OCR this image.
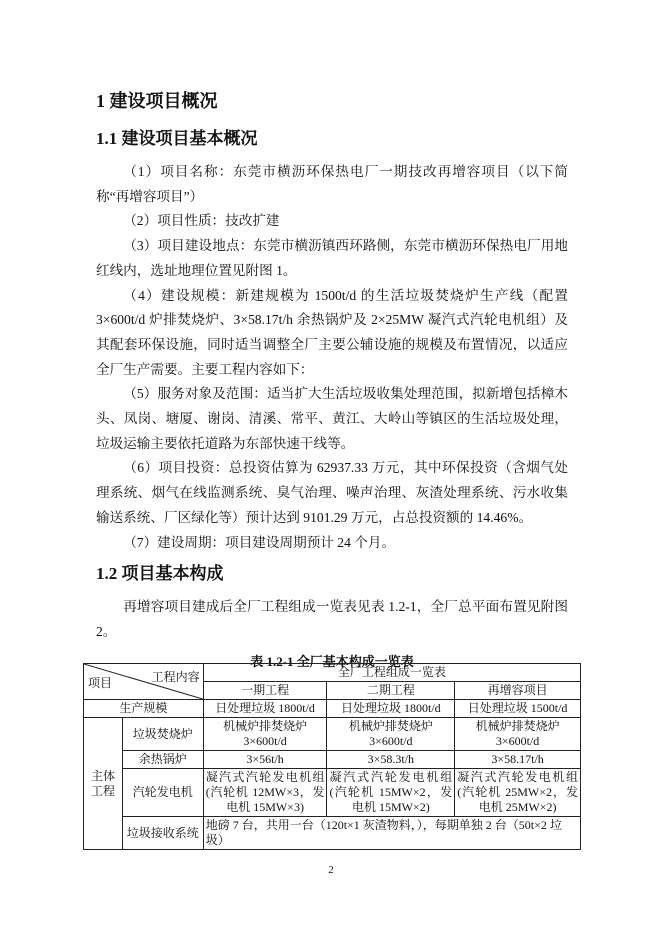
1 建设项目概况
1.1 建设项目基本概况

（1）项目名称：东莞市横沥环保热电厂一期技改再增容项目（以下简称“再增容项目”）

（2）项目性质：技改扩建

（3）项目建设地点：东莞市横沥镇西环路侧，东莞市横沥环保热电厂用地红线内，选址地理位置见附图 1。

（4）建设规模：新建规模为 1500t/d 的生活垃圾焚烧炉生产线（配置 3×600t/d 炉排焚烧炉、3×58.17t/h 余热锅炉及 2×25MW 凝汽式汽轮电机组）及其配套环保设施，同时适当调整全厂主要公辅设施的规模及布置情况，以适应全厂生产需要。主要工程内容如下：

（5）服务对象及范围：适当扩大生活垃圾收集处理范围，拟新增包括樟木头、凤岗、塘厦、谢岗、清溪、常平、黄江、大岭山等镇区的生活垃圾处理，垃圾运输主要依托道路为东部快速干线等。

（6）项目投资：总投资估算为 62937.33 万元，其中环保投资（含烟气处理系统、烟气在线监测系统、臭气治理、噪声治理、灰渣处理系统、污水收集输送系统、厂区绿化等）预计达到 9101.29 万元，占总投资额的 14.46%。

（7）建设周期：项目建设周期预计 24 个月。

1.2 项目基本构成

再增容项目建成后全厂工程组成一览表见表 1.2-1，全厂总平面布置见附图 2。

表 1.2-1 全厂基本构成一览表
项目 工程内容		全厂工程组成一览表		
		一期工程	二期工程	再增容项目
生产规模		日处理垃圾 1800t/d	日处理垃圾 1800t/d	日处理垃圾 1500t/d
主体工程	垃圾焚烧炉	机械炉排焚烧炉 3×600t/d	机械炉排焚烧炉 3×600t/d	机械炉排焚烧炉 3×600t/d
	余热锅炉	3×56t/h	3×58.3t/h	3×58.17t/h
	汽轮发电机	凝汽式汽轮发电机组(汽轮机 12MW×3，发电机 15MW×3)	凝汽式汽轮发电机组(汽轮机 15MW×2，发电机 15MW×2)	凝汽式汽轮发电机组(汽轮机 25MW×2，发电机 25MW×2)
	垃圾接收系统	地磅 7 台，共用一台（120t×1 灰渣物料，），每期单独 2 台（50t×2 垃圾）		
2
